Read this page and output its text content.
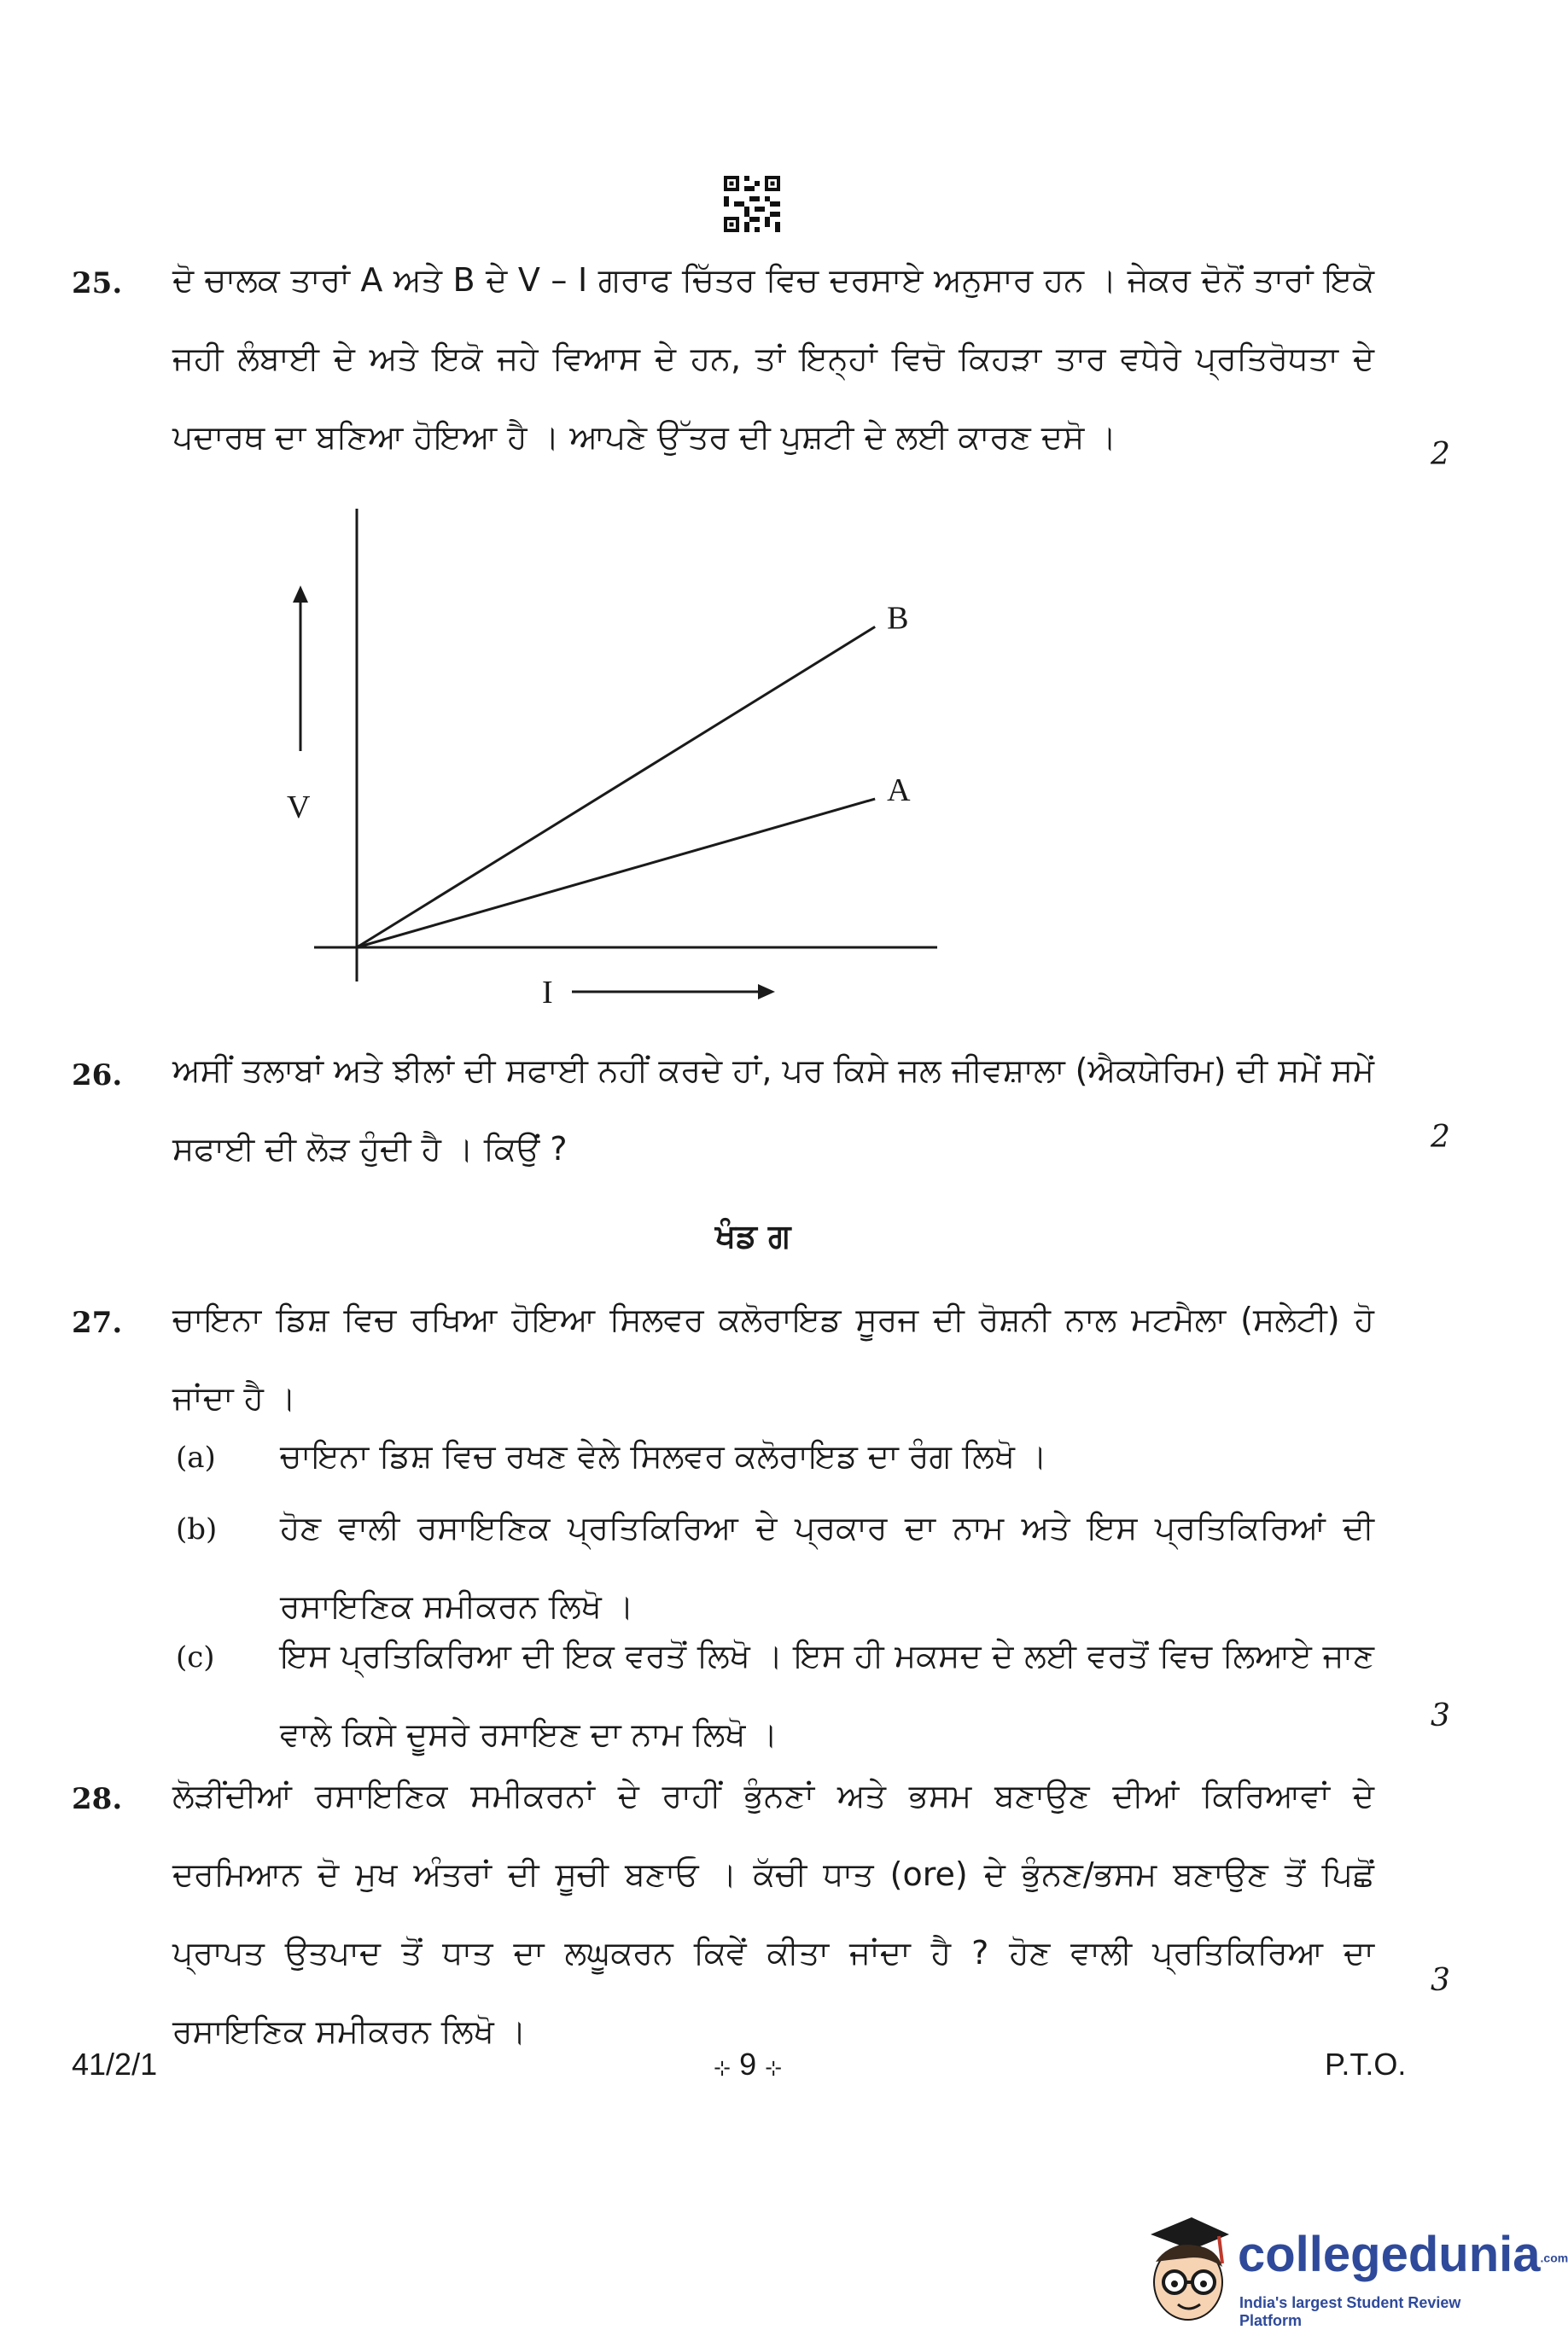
25. ਦੋ ਚਾਲਕ ਤਾਰਾਂ A ਅਤੇ B ਦੇ V – I ਗਰਾਫ ਚਿੱਤਰ ਵਿਚ ਦਰਸਾਏ ਅਨੁਸਾਰ ਹਨ । ਜੇਕਰ ਦੋਨੋਂ ਤਾਰਾਂ ਇਕੋ ਜਹੀ ਲੰਬਾਈ ਦੇ ਅਤੇ ਇਕੋ ਜਹੇ ਵਿਆਸ ਦੇ ਹਨ, ਤਾਂ ਇਨ੍ਹਾਂ ਵਿਚੋ ਕਿਹੜਾ ਤਾਰ ਵਧੇਰੇ ਪ੍ਰਤਿਰੋਧਤਾ ਦੇ ਪਦਾਰਥ ਦਾ ਬਣਿਆ ਹੋਇਆ ਹੈ । ਆਪਣੇ ਉੱਤਰ ਦੀ ਪੁਸ਼ਟੀ ਦੇ ਲਈ ਕਾਰਣ ਦਸੋ ।	2
V
I
B
A
26. ਅਸੀਂ ਤਲਾਬਾਂ ਅਤੇ ਝੀਲਾਂ ਦੀ ਸਫਾਈ ਨਹੀਂ ਕਰਦੇ ਹਾਂ, ਪਰ ਕਿਸੇ ਜਲ ਜੀਵਸ਼ਾਲਾ (ਐਕਯੇਰਿਮ) ਦੀ ਸਮੇਂ ਸਮੇਂ ਸਫਾਈ ਦੀ ਲੋੜ ਹੁੰਦੀ ਹੈ । ਕਿਉਂ ?	2
ਖੰਡ ਗ
27. ਚਾਇਨਾ ਡਿਸ਼ ਵਿਚ ਰਖਿਆ ਹੋਇਆ ਸਿਲਵਰ ਕਲੋਰਾਇਡ ਸੂਰਜ ਦੀ ਰੋਸ਼ਨੀ ਨਾਲ ਮਟਮੈਲਾ (ਸਲੇਟੀ) ਹੋ ਜਾਂਦਾ ਹੈ ।
(a) ਚਾਇਨਾ ਡਿਸ਼ ਵਿਚ ਰਖਣ ਵੇਲੇ ਸਿਲਵਰ ਕਲੋਰਾਇਡ ਦਾ ਰੰਗ ਲਿਖੋ ।
(b) ਹੋਣ ਵਾਲੀ ਰਸਾਇਣਿਕ ਪ੍ਰਤਿਕਿਰਿਆ ਦੇ ਪ੍ਰਕਾਰ ਦਾ ਨਾਮ ਅਤੇ ਇਸ ਪ੍ਰਤਿਕਿਰਿਆਂ ਦੀ ਰਸਾਇਣਿਕ ਸਮੀਕਰਨ ਲਿਖੋ ।
(c) ਇਸ ਪ੍ਰਤਿਕਿਰਿਆ ਦੀ ਇਕ ਵਰਤੋਂ ਲਿਖੋ । ਇਸ ਹੀ ਮਕਸਦ ਦੇ ਲਈ ਵਰਤੋਂ ਵਿਚ ਲਿਆਏ ਜਾਣ ਵਾਲੇ ਕਿਸੇ ਦੂਸਰੇ ਰਸਾਇਣ ਦਾ ਨਾਮ ਲਿਖੋ ।	3
28. ਲੋੜੀਂਦੀਆਂ ਰਸਾਇਣਿਕ ਸਮੀਕਰਨਾਂ ਦੇ ਰਾਹੀਂ ਭੁੰਨਣਾਂ ਅਤੇ ਭਸਮ ਬਣਾਉਣ ਦੀਆਂ ਕਿਰਿਆਵਾਂ ਦੇ ਦਰਮਿਆਨ ਦੋ ਮੁਖ ਅੰਤਰਾਂ ਦੀ ਸੂਚੀ ਬਣਾਓ । ਕੱਚੀ ਧਾਤ (ore) ਦੇ ਭੁੰਨਣ/ਭਸਮ ਬਣਾਉਣ ਤੋਂ ਪਿਛੋਂ ਪ੍ਰਾਪਤ ਉਤਪਾਦ ਤੋਂ ਧਾਤ ਦਾ ਲਘੂਕਰਨ ਕਿਵੇਂ ਕੀਤਾ ਜਾਂਦਾ ਹੈ ? ਹੋਣ ਵਾਲੀ ਪ੍ਰਤਿਕਿਰਿਆ ਦਾ ਰਸਾਇਣਿਕ ਸਮੀਕਰਨ ਲਿਖੋ ।
3
41/2/1	⊹ 9 ⊹	P.T.O.
collegedunia.com
India's largest Student Review Platform
